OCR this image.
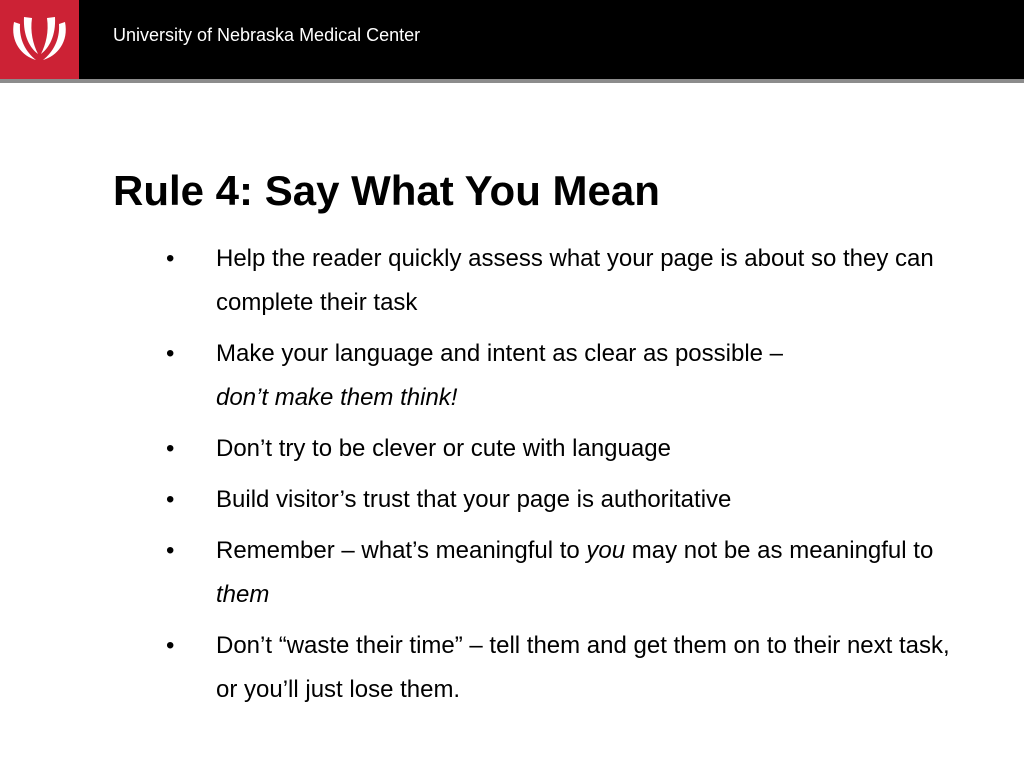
University of Nebraska Medical Center
Rule 4: Say What You Mean
• Help the reader quickly assess what your page is about so they can complete their task
• Make your language and intent as clear as possible –
don’t make them think!
• Don’t try to be clever or cute with language
• Build visitor’s trust that your page is authoritative
• Remember – what’s meaningful to you may not be as meaningful to them
• Don’t “waste their time” – tell them and get them on to their next task, or you’ll just lose them.
